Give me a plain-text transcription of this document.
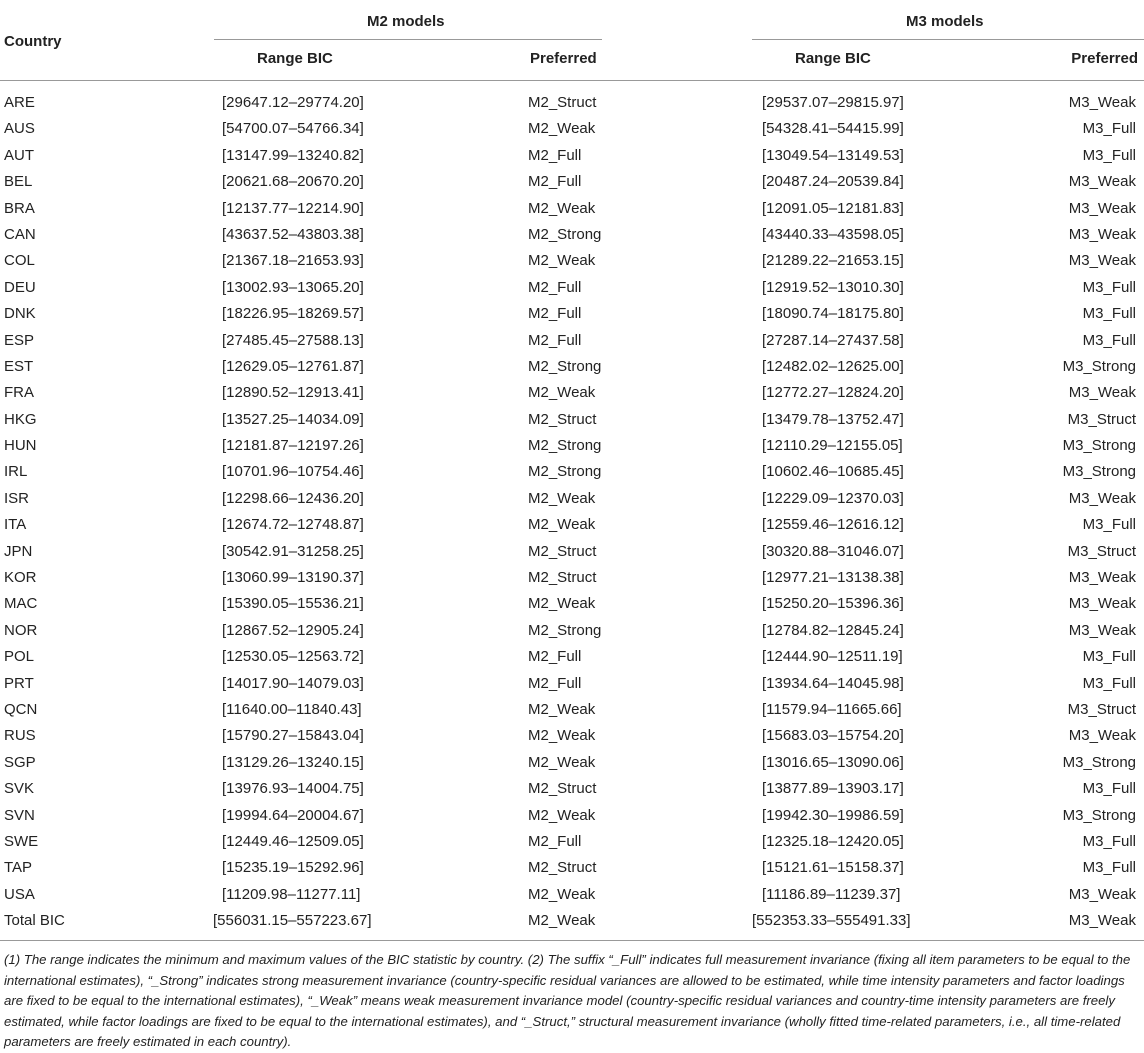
Country
M2 models	M3 models
Range BIC	Preferred	Range BIC	Preferred
ARE	[29647.12–29774.20]	M2_Struct	[29537.07–29815.97]	M3_Weak
AUS	[54700.07–54766.34]	M2_Weak	[54328.41–54415.99]	M3_Full
AUT	[13147.99–13240.82]	M2_Full	[13049.54–13149.53]	M3_Full
BEL	[20621.68–20670.20]	M2_Full	[20487.24–20539.84]	M3_Weak
BRA	[12137.77–12214.90]	M2_Weak	[12091.05–12181.83]	M3_Weak
CAN	[43637.52–43803.38]	M2_Strong	[43440.33–43598.05]	M3_Weak
COL	[21367.18–21653.93]	M2_Weak	[21289.22–21653.15]	M3_Weak
DEU	[13002.93–13065.20]	M2_Full	[12919.52–13010.30]	M3_Full
DNK	[18226.95–18269.57]	M2_Full	[18090.74–18175.80]	M3_Full
ESP	[27485.45–27588.13]	M2_Full	[27287.14–27437.58]	M3_Full
EST	[12629.05–12761.87]	M2_Strong	[12482.02–12625.00]	M3_Strong
FRA	[12890.52–12913.41]	M2_Weak	[12772.27–12824.20]	M3_Weak
HKG	[13527.25–14034.09]	M2_Struct	[13479.78–13752.47]	M3_Struct
HUN	[12181.87–12197.26]	M2_Strong	[12110.29–12155.05]	M3_Strong
IRL	[10701.96–10754.46]	M2_Strong	[10602.46–10685.45]	M3_Strong
ISR	[12298.66–12436.20]	M2_Weak	[12229.09–12370.03]	M3_Weak
ITA	[12674.72–12748.87]	M2_Weak	[12559.46–12616.12]	M3_Full
JPN	[30542.91–31258.25]	M2_Struct	[30320.88–31046.07]	M3_Struct
KOR	[13060.99–13190.37]	M2_Struct	[12977.21–13138.38]	M3_Weak
MAC	[15390.05–15536.21]	M2_Weak	[15250.20–15396.36]	M3_Weak
NOR	[12867.52–12905.24]	M2_Strong	[12784.82–12845.24]	M3_Weak
POL	[12530.05–12563.72]	M2_Full	[12444.90–12511.19]	M3_Full
PRT	[14017.90–14079.03]	M2_Full	[13934.64–14045.98]	M3_Full
QCN	[11640.00–11840.43]	M2_Weak	[11579.94–11665.66]	M3_Struct
RUS	[15790.27–15843.04]	M2_Weak	[15683.03–15754.20]	M3_Weak
SGP	[13129.26–13240.15]	M2_Weak	[13016.65–13090.06]	M3_Strong
SVK	[13976.93–14004.75]	M2_Struct	[13877.89–13903.17]	M3_Full
SVN	[19994.64–20004.67]	M2_Weak	[19942.30–19986.59]	M3_Strong
SWE	[12449.46–12509.05]	M2_Full	[12325.18–12420.05]	M3_Full
TAP	[15235.19–15292.96]	M2_Struct	[15121.61–15158.37]	M3_Full
USA	[11209.98–11277.11]	M2_Weak	[11186.89–11239.37]	M3_Weak
Total BIC	[556031.15–557223.67]	M2_Weak	[552353.33–555491.33]	M3_Weak
(1) The range indicates the minimum and maximum values of the BIC statistic by country. (2) The suffix “_Full” indicates full measurement invariance (fixing all item parameters to be equal to the international estimates), “_Strong” indicates strong measurement invariance (country-specific residual variances are allowed to be estimated, while time intensity parameters and factor loadings are fixed to be equal to the international estimates), “_Weak” means weak measurement invariance model (country-specific residual variances and country-time intensity parameters are freely estimated, while factor loadings are fixed to be equal to the international estimates), and “_Struct,” structural measurement invariance (wholly fitted time-related parameters, i.e., all time-related parameters are freely estimated in each country).
